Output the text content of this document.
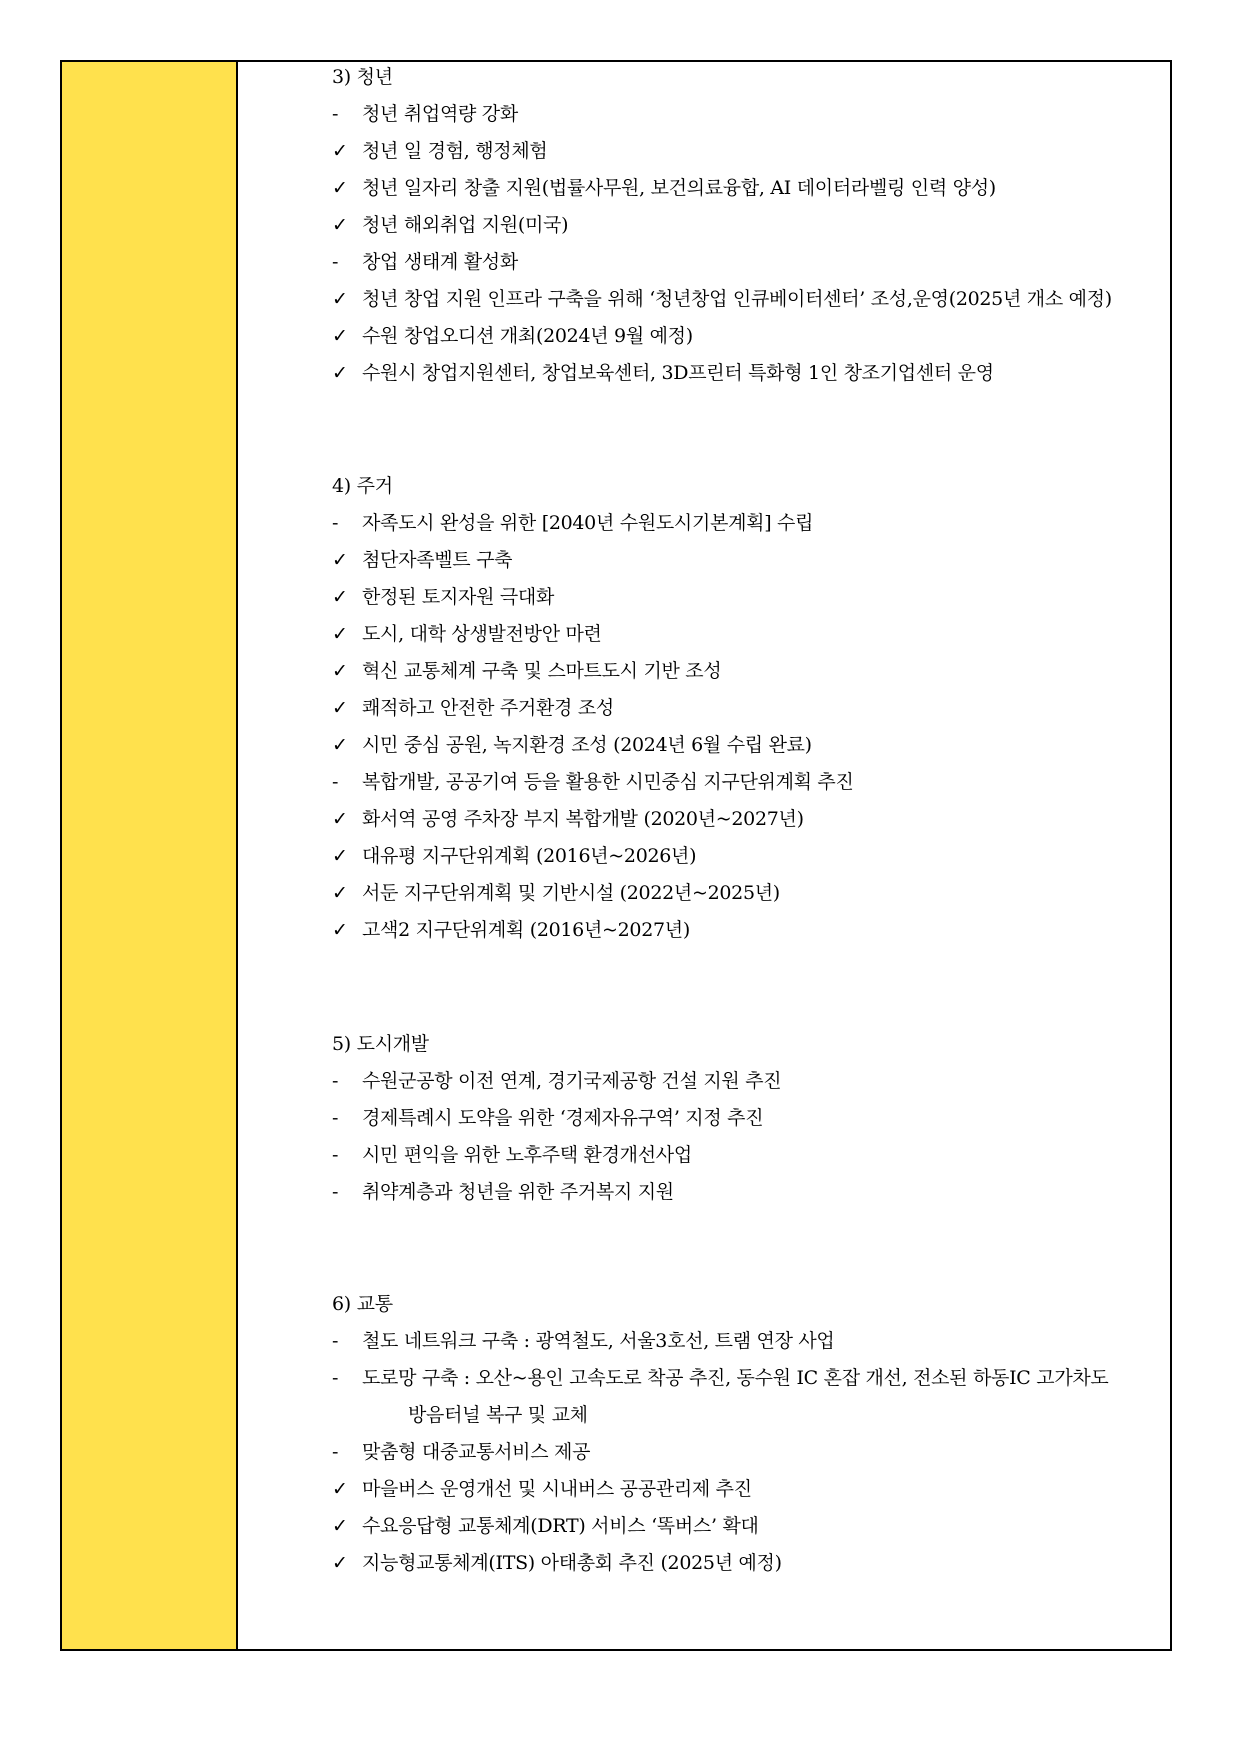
3) 청년
- 청년 취업역량 강화
✓ 청년 일 경험, 행정체험
✓ 청년 일자리 창출 지원(법률사무원, 보건의료융합, AI 데이터라벨링 인력 양성)
✓ 청년 해외취업 지원(미국)
- 창업 생태계 활성화
✓ 청년 창업 지원 인프라 구축을 위해 ‘청년창업 인큐베이터센터’ 조성,운영(2025년 개소 예정)
✓ 수원 창업오디션 개최(2024년 9월 예정)
✓ 수원시 창업지원센터, 창업보육센터, 3D프린터 특화형 1인 창조기업센터 운영
4) 주거
- 자족도시 완성을 위한 [2040년 수원도시기본계획] 수립
✓ 첨단자족벨트 구축
✓ 한정된 토지자원 극대화
✓ 도시, 대학 상생발전방안 마련
✓ 혁신 교통체계 구축 및 스마트도시 기반 조성
✓ 쾌적하고 안전한 주거환경 조성
✓ 시민 중심 공원, 녹지환경 조성 (2024년 6월 수립 완료)
- 복합개발, 공공기여 등을 활용한 시민중심 지구단위계획 추진
✓ 화서역 공영 주차장 부지 복합개발 (2020년~2027년)
✓ 대유평 지구단위계획 (2016년~2026년)
✓ 서둔 지구단위계획 및 기반시설 (2022년~2025년)
✓ 고색2 지구단위계획 (2016년~2027년)
5) 도시개발
- 수원군공항 이전 연계, 경기국제공항 건설 지원 추진
- 경제특례시 도약을 위한 ‘경제자유구역’ 지정 추진
- 시민 편익을 위한 노후주택 환경개선사업
- 취약계층과 청년을 위한 주거복지 지원
6) 교통
- 철도 네트워크 구축 : 광역철도, 서울3호선, 트램 연장 사업
- 도로망 구축 : 오산~용인 고속도로 착공 추진, 동수원 IC 혼잡 개선, 전소된 하동IC 고가차도
방음터널 복구 및 교체
- 맞춤형 대중교통서비스 제공
✓ 마을버스 운영개선 및 시내버스 공공관리제 추진
✓ 수요응답형 교통체계(DRT) 서비스 ‘똑버스’ 확대
✓ 지능형교통체계(ITS) 아태총회 추진 (2025년 예정)
